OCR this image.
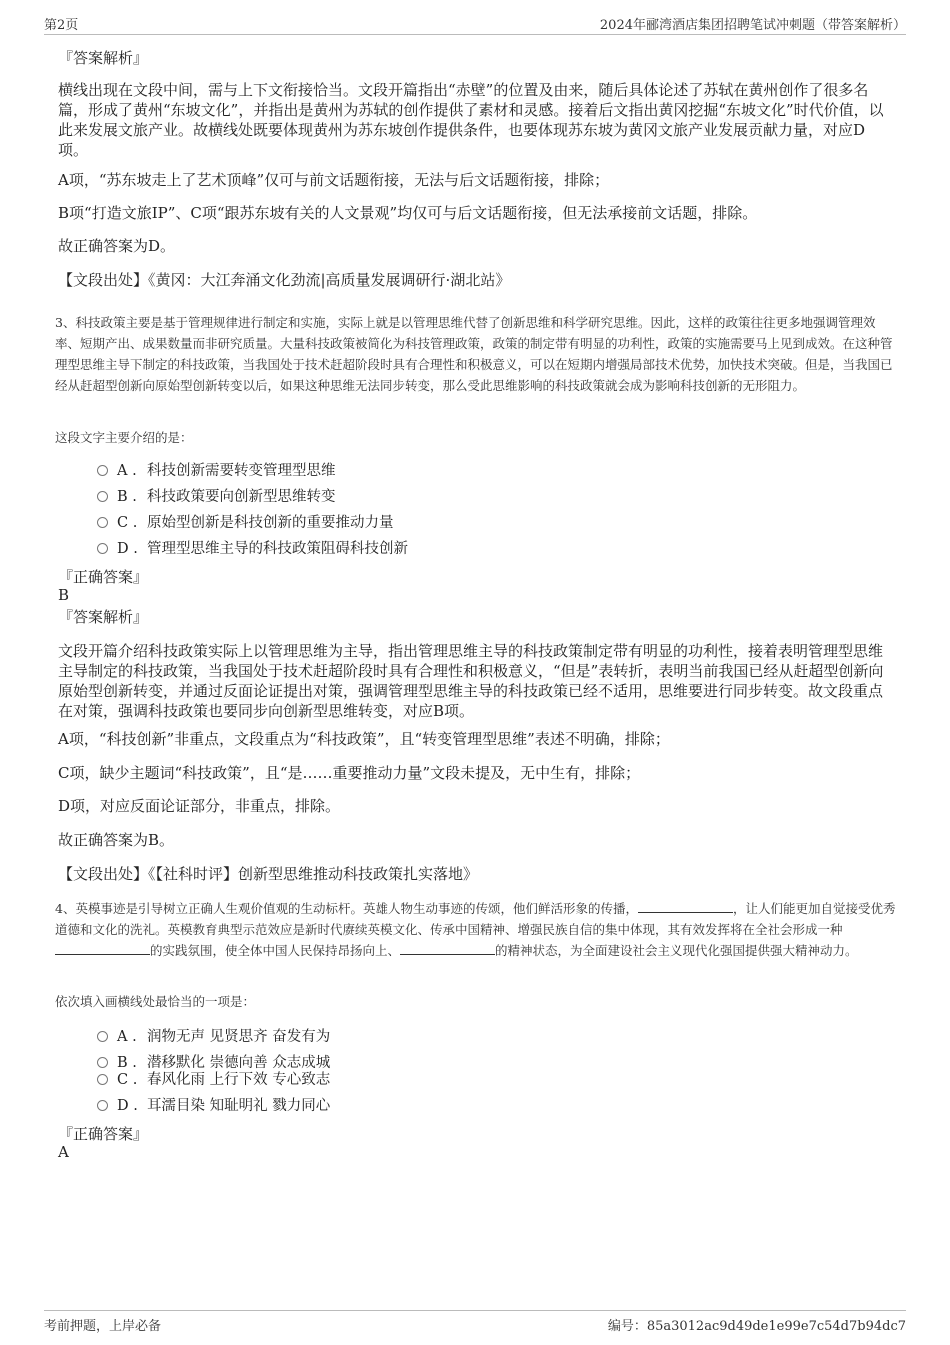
第2页	2024年郦湾酒店集团招聘笔试冲刺题（带答案解析）
『答案解析』
横线出现在文段中间，需与上下文衔接恰当。文段开篇指出“赤壁”的位置及由来，随后具体论述了苏轼在黄州创作了很多名篇，形成了黄州“东坡文化”，并指出是黄州为苏轼的创作提供了素材和灵感。接着后文指出黄冈挖掘“东坡文化”时代价值，以此来发展文旅产业。故横线处既要体现黄州为苏东坡创作提供条件，也要体现苏东坡为黄冈文旅产业发展贡献力量，对应D项。
A项，“苏东坡走上了艺术顶峰”仅可与前文话题衔接，无法与后文话题衔接，排除；
B项“打造文旅IP”、C项“跟苏东坡有关的人文景观”均仅可与后文话题衔接，但无法承接前文话题，排除。
故正确答案为D。
【文段出处】《黄冈：大江奔涌文化劲流|高质量发展调研行·湖北站》
3、科技政策主要是基于管理规律进行制定和实施，实际上就是以管理思维代替了创新思维和科学研究思维。因此，这样的政策往往更多地强调管理效率、短期产出、成果数量而非研究质量。大量科技政策被简化为科技管理政策，政策的制定带有明显的功利性，政策的实施需要马上见到成效。在这种管理型思维主导下制定的科技政策，当我国处于技术赶超阶段时具有合理性和积极意义，可以在短期内增强局部技术优势，加快技术突破。但是，当我国已经从赶超型创新向原始型创新转变以后，如果这种思维无法同步转变，那么受此思维影响的科技政策就会成为影响科技创新的无形阻力。
这段文字主要介绍的是：
A . 科技创新需要转变管理型思维
B . 科技政策要向创新型思维转变
C . 原始型创新是科技创新的重要推动力量
D . 管理型思维主导的科技政策阻碍科技创新
『正确答案』
B
『答案解析』
文段开篇介绍科技政策实际上以管理思维为主导，指出管理思维主导的科技政策制定带有明显的功利性，接着表明管理型思维主导制定的科技政策，当我国处于技术赶超阶段时具有合理性和积极意义，“但是”表转折，表明当前我国已经从赶超型创新向原始型创新转变，并通过反面论证提出对策，强调管理型思维主导的科技政策已经不适用，思维要进行同步转变。故文段重点在对策，强调科技政策也要同步向创新型思维转变，对应B项。
A项，“科技创新”非重点，文段重点为“科技政策”，且“转变管理型思维”表述不明确，排除；
C项，缺少主题词“科技政策”，且“是……重要推动力量”文段未提及，无中生有，排除；
D项，对应反面论证部分，非重点，排除。
故正确答案为B。
【文段出处】《【社科时评】创新型思维推动科技政策扎实落地》
4、英模事迹是引导树立正确人生观价值观的生动标杆。英雄人物生动事迹的传颂，他们鲜活形象的传播，	，让人们能更加自觉接受优秀道德和文化的洗礼。英模教育典型示范效应是新时代赓续英模文化、传承中国精神、增强民族自信的集中体现，其有效发挥将在全社会形成一种的实践氛围，使全体中国人民保持昂扬向上、	的精神状态，为全面建设社会主义现代化强国提供强大精神动力。
依次填入画横线处最恰当的一项是：
A . 润物无声 见贤思齐 奋发有为
B . 潜移默化 崇德向善 众志成城
C . 春风化雨 上行下效 专心致志
D . 耳濡目染 知耻明礼 戮力同心
『正确答案』
A
考前押题，上岸必备	编号：85a3012ac9d49de1e99e7c54d7b94dc7
